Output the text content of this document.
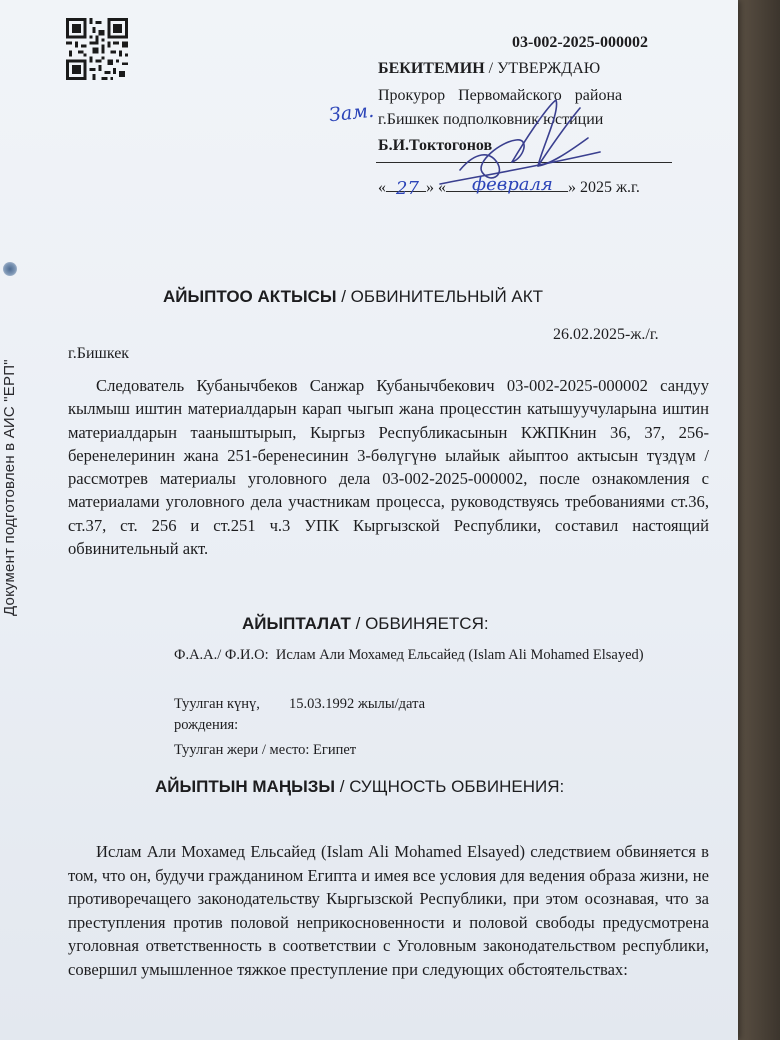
Документ подготовлен в АИС "ЕРП"
03-002-2025-000002
БЕКИТЕМИН / УТВЕРЖДАЮ
Прокурор Первомайского района
г.Бишкек подполковник юстиции
Б.И.Токтогонов
«	» «	» 2025 ж.г.
Зам.
27	февраля
АЙЫПТОО АКТЫСЫ / ОБВИНИТЕЛЬНЫЙ АКТ
26.02.2025-ж./г.
г.Бишкек

Следователь Кубанычбеков Санжар Кубанычбекович 03-002-2025-000002 сандуу кылмыш иштин материалдарын карап чыгып жана процесстин катышуучуларына иштин материалдарын тааныштырып, Кыргыз Республикасынын КЖПКнин 36, 37, 256-беренелеринин жана 251-беренесинин 3-бөлүгүнө ылайык айыптоо актысын түздүм / рассмотрев материалы уголовного дела 03-002-2025-000002, после ознакомления с материалами уголовного дела участникам процесса, руководствуясь требованиями ст.36, ст.37, ст. 256 и ст.251 ч.3 УПК Кыргызской Республики, составил настоящий обвинительный акт.

АЙЫПТАЛАТ / ОБВИНЯЕТСЯ:
Ф.А.А./ Ф.И.О: Ислам Али Мохамед Ельсайед (Islam Ali Mohamed Elsayed)
Туулган күнү, рождения:
15.03.1992 жылы/дата
Туулган жери / место: Египет
АЙЫПТЫН МАҢЫЗЫ / СУЩНОСТЬ ОБВИНЕНИЯ:

Ислам Али Мохамед Ельсайед (Islam Ali Mohamed Elsayed) следствием обвиняется в том, что он, будучи гражданином Египта и имея все условия для ведения образа жизни, не противоречащего законодательству Кыргызской Республики, при этом осознавая, что за преступления против половой неприкосновенности и половой свободы предусмотрена уголовная ответственность в соответствии с Уголовным законодательством республики, совершил умышленное тяжкое преступление при следующих обстоятельствах:
